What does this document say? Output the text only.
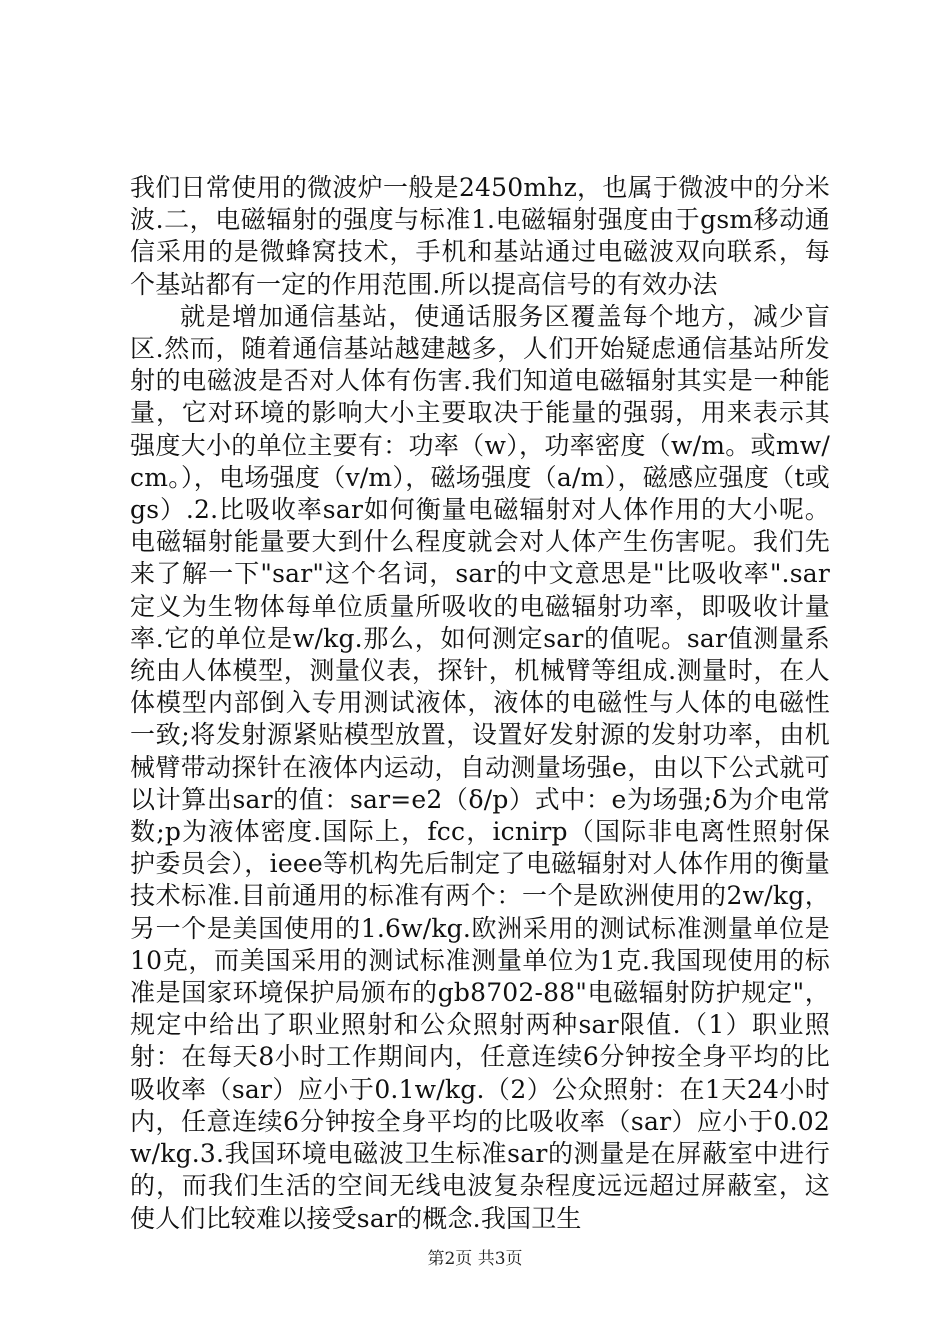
我们日常使用的微波炉一般是2450mhz，也属于微波中的分米波.二，电磁辐射的强度与标准1.电磁辐射强度由于gsm移动通信采用的是微蜂窝技术，手机和基站通过电磁波双向联系，每个基站都有一定的作用范围.所以提高信号的有效办法

就是增加通信基站，使通话服务区覆盖每个地方，减少盲区.然而，随着通信基站越建越多，人们开始疑虑通信基站所发射的电磁波是否对人体有伤害.我们知道电磁辐射其实是一种能量，它对环境的影响大小主要取决于能量的强弱，用来表示其强度大小的单位主要有：功率（w），功率密度（w/m。或mw/cm。），电场强度（v/m），磁场强度（a/m），磁感应强度（t或gs）.2.比吸收率sar如何衡量电磁辐射对人体作用的大小呢。电磁辐射能量要大到什么程度就会对人体产生伤害呢。我们先来了解一下"sar"这个名词，sar的中文意思是"比吸收率".sar定义为生物体每单位质量所吸收的电磁辐射功率，即吸收计量率.它的单位是w/kg.那么，如何测定sar的值呢。sar值测量系统由人体模型，测量仪表，探针，机械臂等组成.测量时，在人体模型内部倒入专用测试液体，液体的电磁性与人体的电磁性一致;将发射源紧贴模型放置，设置好发射源的发射功率，由机械臂带动探针在液体内运动，自动测量场强e，由以下公式就可以计算出sar的值：sar=e2（δ/p）式中：e为场强;δ为介电常数;p为液体密度.国际上，fcc，icnirp（国际非电离性照射保护委员会），ieee等机构先后制定了电磁辐射对人体作用的衡量技术标准.目前通用的标准有两个：一个是欧洲使用的2w/kg，另一个是美国使用的1.6w/kg.欧洲采用的测试标准测量单位是10克，而美国采用的测试标准测量单位为1克.我国现使用的标准是国家环境保护局颁布的gb8702-88"电磁辐射防护规定"，规定中给出了职业照射和公众照射两种sar限值.（1）职业照射：在每天8小时工作期间内，任意连续6分钟按全身平均的比吸收率（sar）应小于0.1w/kg.（2）公众照射：在1天24小时内，任意连续6分钟按全身平均的比吸收率（sar）应小于0.02w/kg.3.我国环境电磁波卫生标准sar的测量是在屏蔽室中进行的，而我们生活的空间无线电波复杂程度远远超过屏蔽室，这使人们比较难以接受sar的概念.我国卫生

第2页 共3页
